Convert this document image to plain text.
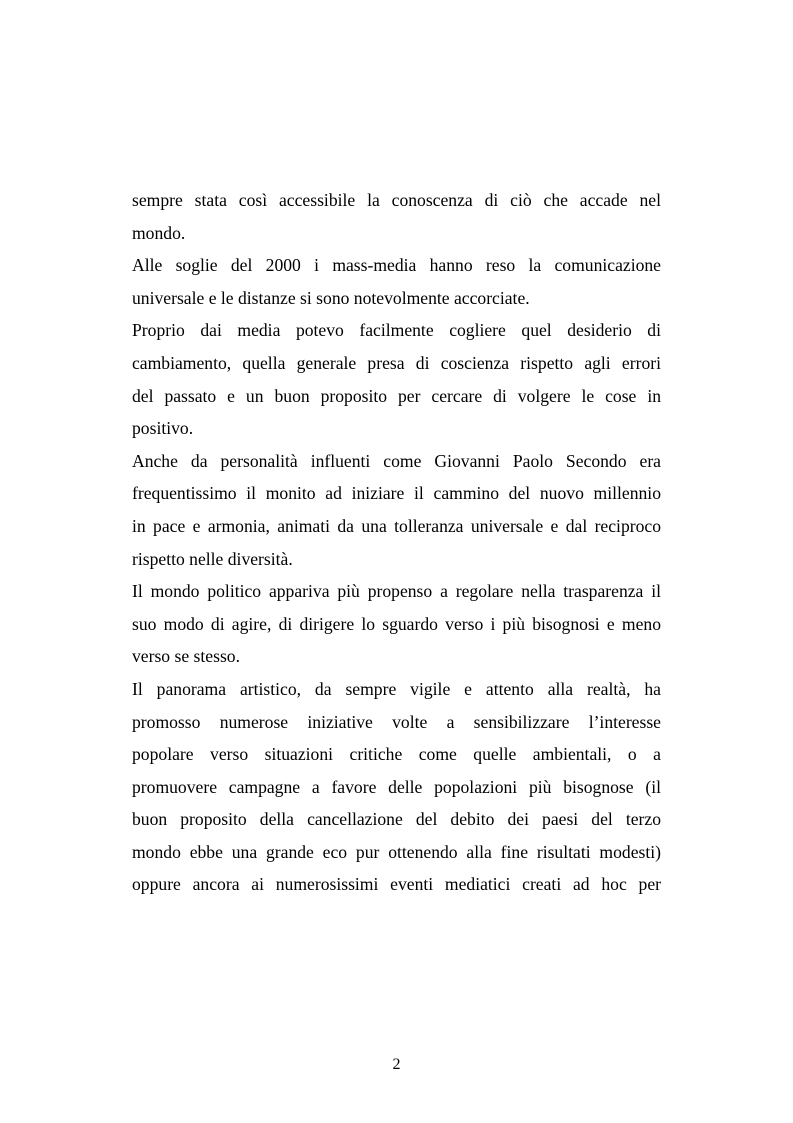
sempre stata così accessibile la conoscenza di ciò che accade nel
mondo.

Alle soglie del 2000 i mass-media hanno reso la comunicazione
universale e le distanze si sono notevolmente accorciate.

Proprio dai media potevo facilmente cogliere quel desiderio di
cambiamento, quella generale presa di coscienza rispetto agli errori
del passato e un buon proposito per cercare di volgere le cose in
positivo.

Anche da personalità influenti come Giovanni Paolo Secondo era
frequentissimo il monito ad iniziare il cammino del nuovo millennio
in pace e armonia, animati da una tolleranza universale e dal reciproco
rispetto nelle diversità.

Il mondo politico appariva più propenso a regolare nella trasparenza il
suo modo di agire, di dirigere lo sguardo verso i più bisognosi e meno
verso se stesso.

Il panorama artistico, da sempre vigile e attento alla realtà, ha
promosso numerose iniziative volte a sensibilizzare l’interesse
popolare verso situazioni critiche come quelle ambientali, o a
promuovere campagne a favore delle popolazioni più bisognose (il
buon proposito della cancellazione del debito dei paesi del terzo
mondo ebbe una grande eco pur ottenendo alla fine risultati modesti)
oppure ancora ai numerosissimi eventi mediatici creati ad hoc per

2
